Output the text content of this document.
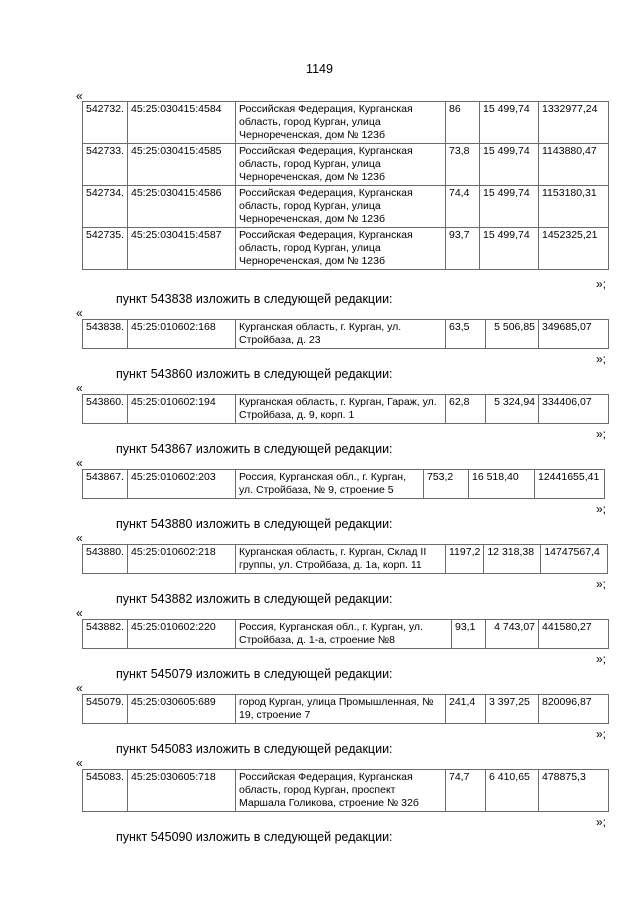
1149
«
542732.	45:25:030415:4584	Российская Федерация, Курганская область, город Курган, улица Чернореченская, дом № 123б	86	15 499,74	1332977,24
542733.	45:25:030415:4585	Российская Федерация, Курганская область, город Курган, улица Чернореченская, дом № 123б	73,8	15 499,74	1143880,47
542734.	45:25:030415:4586	Российская Федерация, Курганская область, город Курган, улица Чернореченская, дом № 123б	74,4	15 499,74	1153180,31
542735.	45:25:030415:4587	Российская Федерация, Курганская область, город Курган, улица Чернореченская, дом № 123б	93,7	15 499,74	1452325,21
»;
пункт 543838 изложить в следующей редакции:
«
543838.	45:25:010602:168	Курганская область, г. Курган, ул. Стройбаза, д. 23	63,5	5 506,85	349685,07
»;
пункт 543860 изложить в следующей редакции:
«
543860.	45:25:010602:194	Курганская область, г. Курган, Гараж, ул. Стройбаза, д. 9, корп. 1	62,8	5 324,94	334406,07
»;
пункт 543867 изложить в следующей редакции:
«
543867.	45:25:010602:203	Россия, Курганская обл., г. Курган, ул. Стройбаза, № 9, строение 5	753,2	16 518,40	12441655,41
»;
пункт 543880 изложить в следующей редакции:
«
543880.	45:25:010602:218	Курганская область, г. Курган, Склад II группы, ул. Стройбаза, д. 1а, корп. 11	1197,2	12 318,38	14747567,4
»;
пункт 543882 изложить в следующей редакции:
«
543882.	45:25:010602:220	Россия, Курганская обл., г. Курган, ул. Стройбаза, д. 1-а, строение №8	93,1	4 743,07	441580,27
»;
пункт 545079 изложить в следующей редакции:
«
545079.	45:25:030605:689	город Курган, улица Промышленная, № 19, строение 7	241,4	3 397,25	820096,87
»;
пункт 545083 изложить в следующей редакции:
«
545083.	45:25:030605:718	Российская Федерация, Курганская область, город Курган, проспект Маршала Голикова, строение № 32б	74,7	6 410,65	478875,3
»;
пункт 545090 изложить в следующей редакции:
